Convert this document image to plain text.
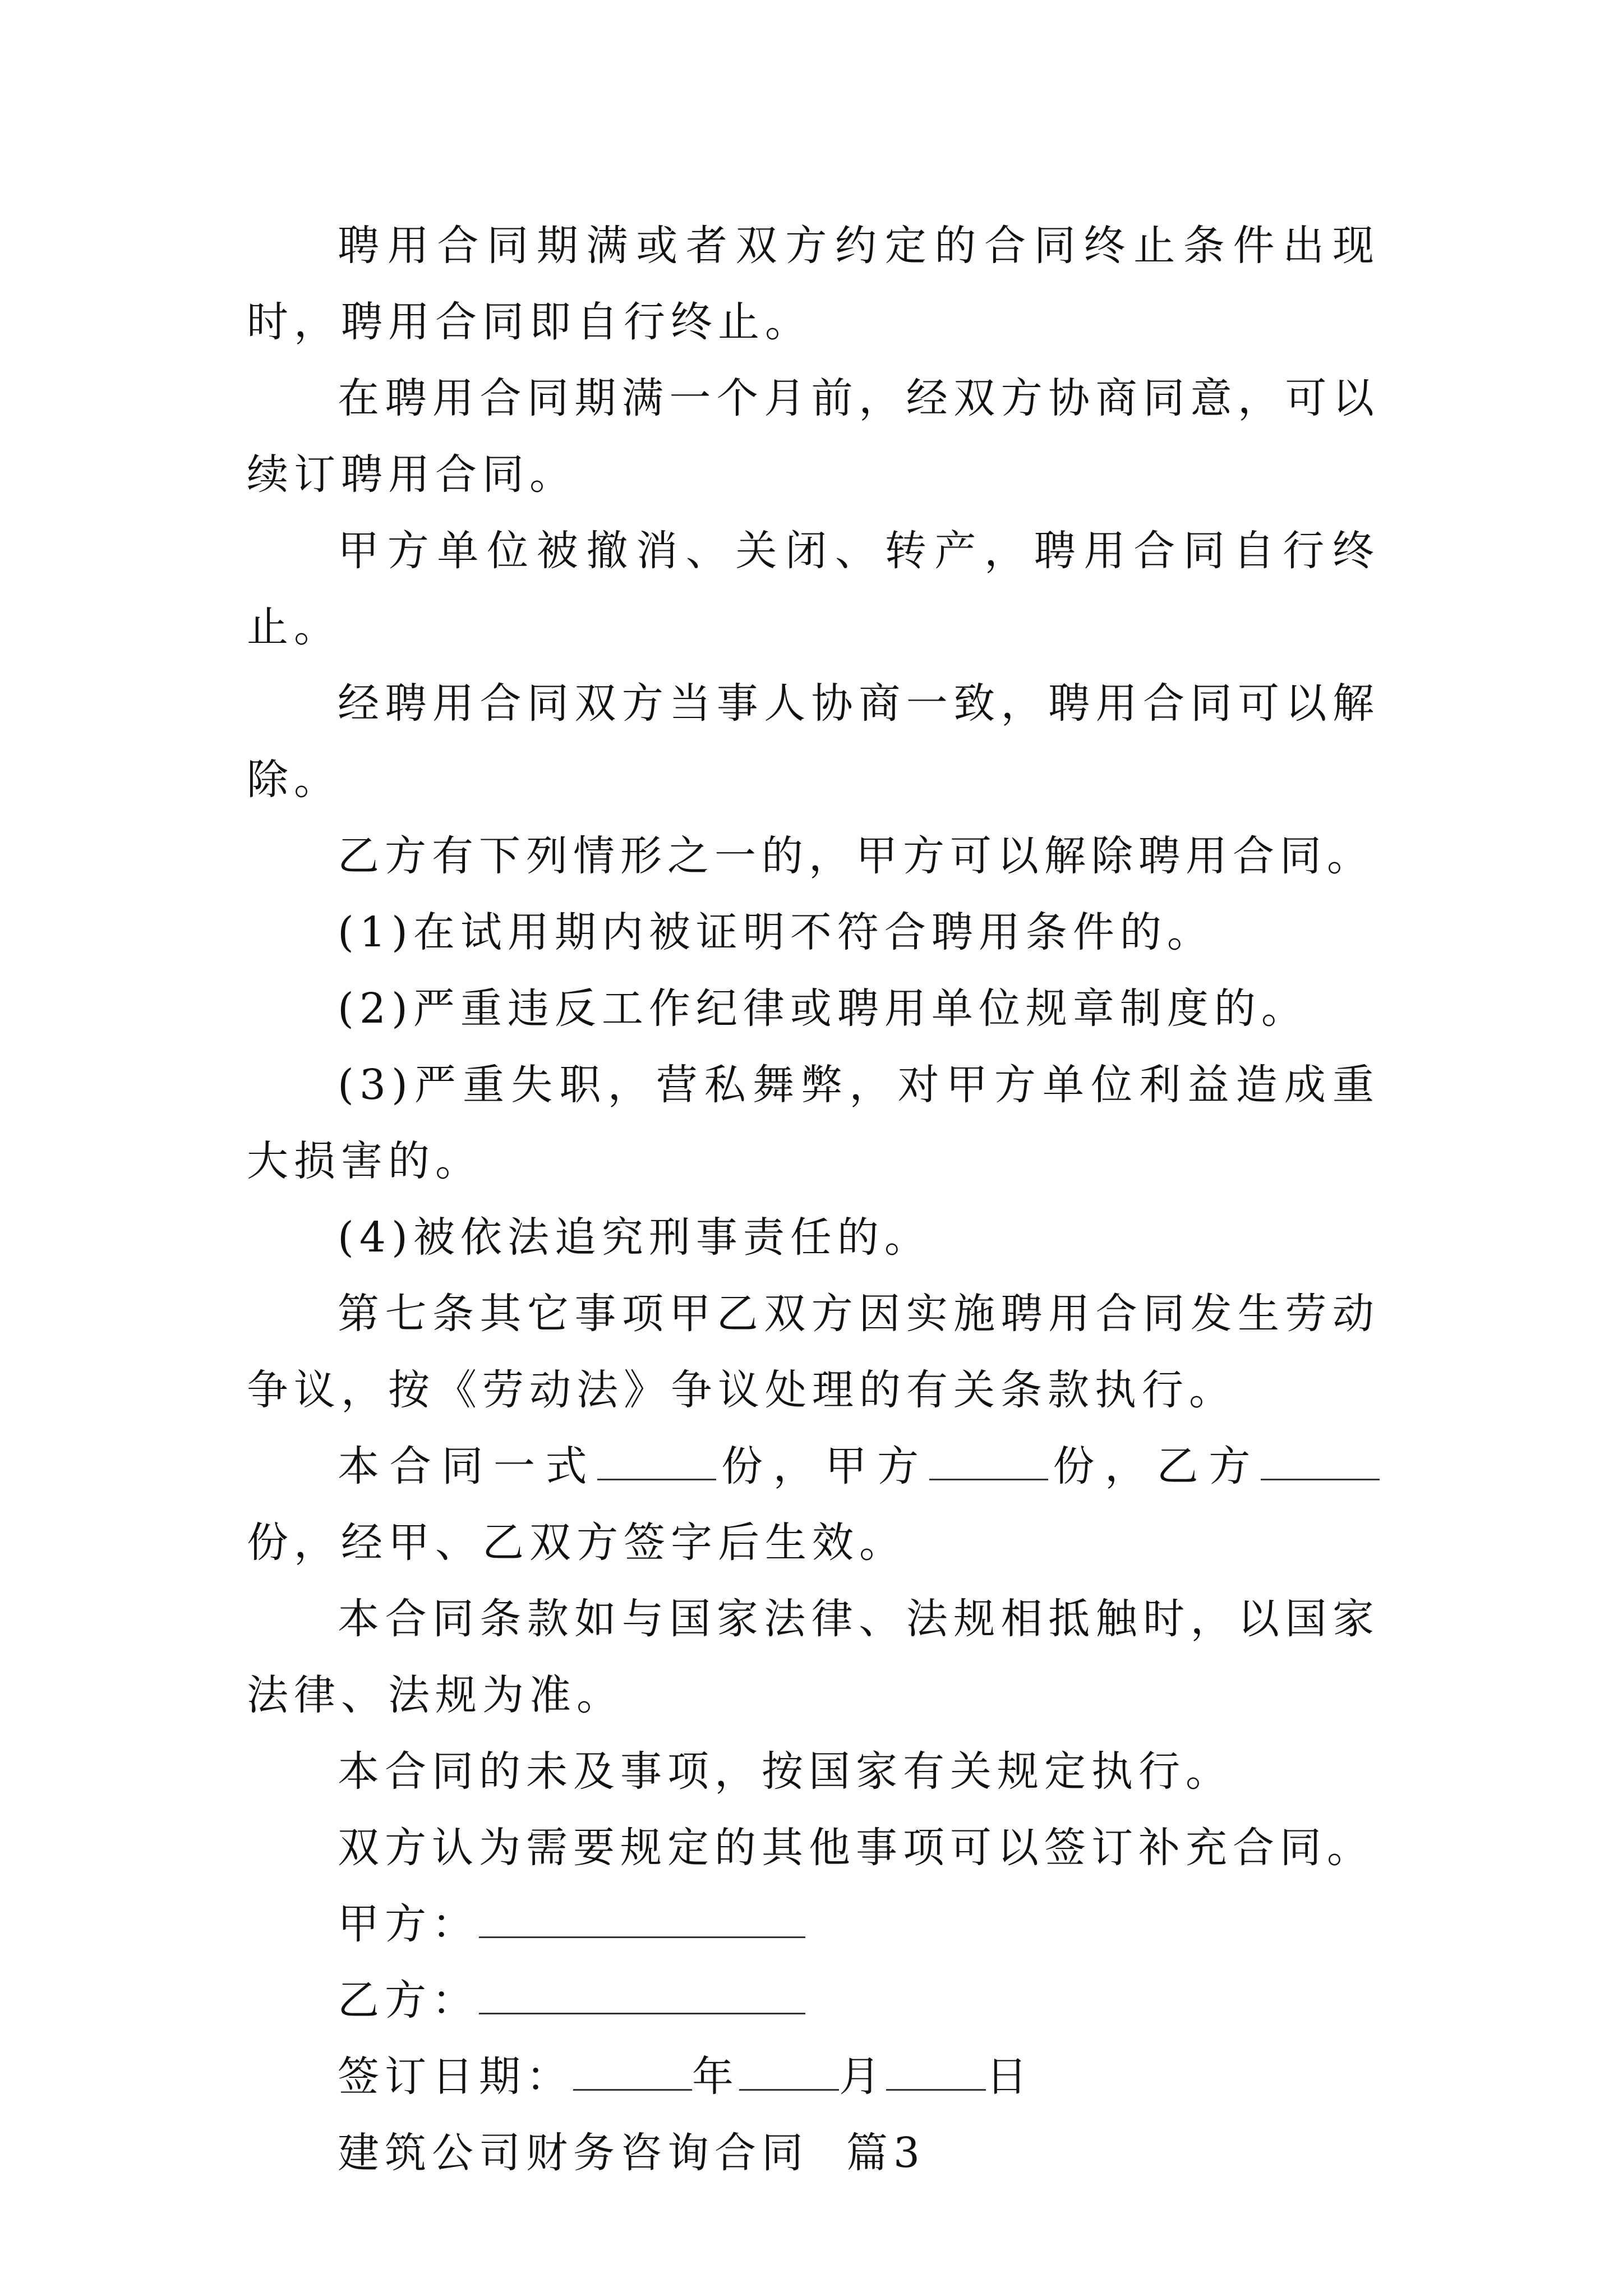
聘用合同期满或者双方约定的合同终止条件出现时，聘用合同即自行终止。

在聘用合同期满一个月前，经双方协商同意，可以续订聘用合同。

甲方单位被撤消、关闭、转产，聘用合同自行终止。

经聘用合同双方当事人协商一致，聘用合同可以解除。

乙方有下列情形之一的，甲方可以解除聘用合同。

(1)在试用期内被证明不符合聘用条件的。

(2)严重违反工作纪律或聘用单位规章制度的。

(3)严重失职，营私舞弊，对甲方单位利益造成重大损害的。

(4)被依法追究刑事责任的。

第七条其它事项甲乙双方因实施聘用合同发生劳动争议，按《劳动法》争议处理的有关条款执行。

本合同一式	份，甲方	份，乙方份，经甲、乙双方签字后生效。

本合同条款如与国家法律、法规相抵触时，以国家法律、法规为准。

本合同的未及事项，按国家有关规定执行。

双方认为需要规定的其他事项可以签订补充合同。

甲方：

乙方：

签订日期：	年 月 日

建筑公司财务咨询合同  篇3
